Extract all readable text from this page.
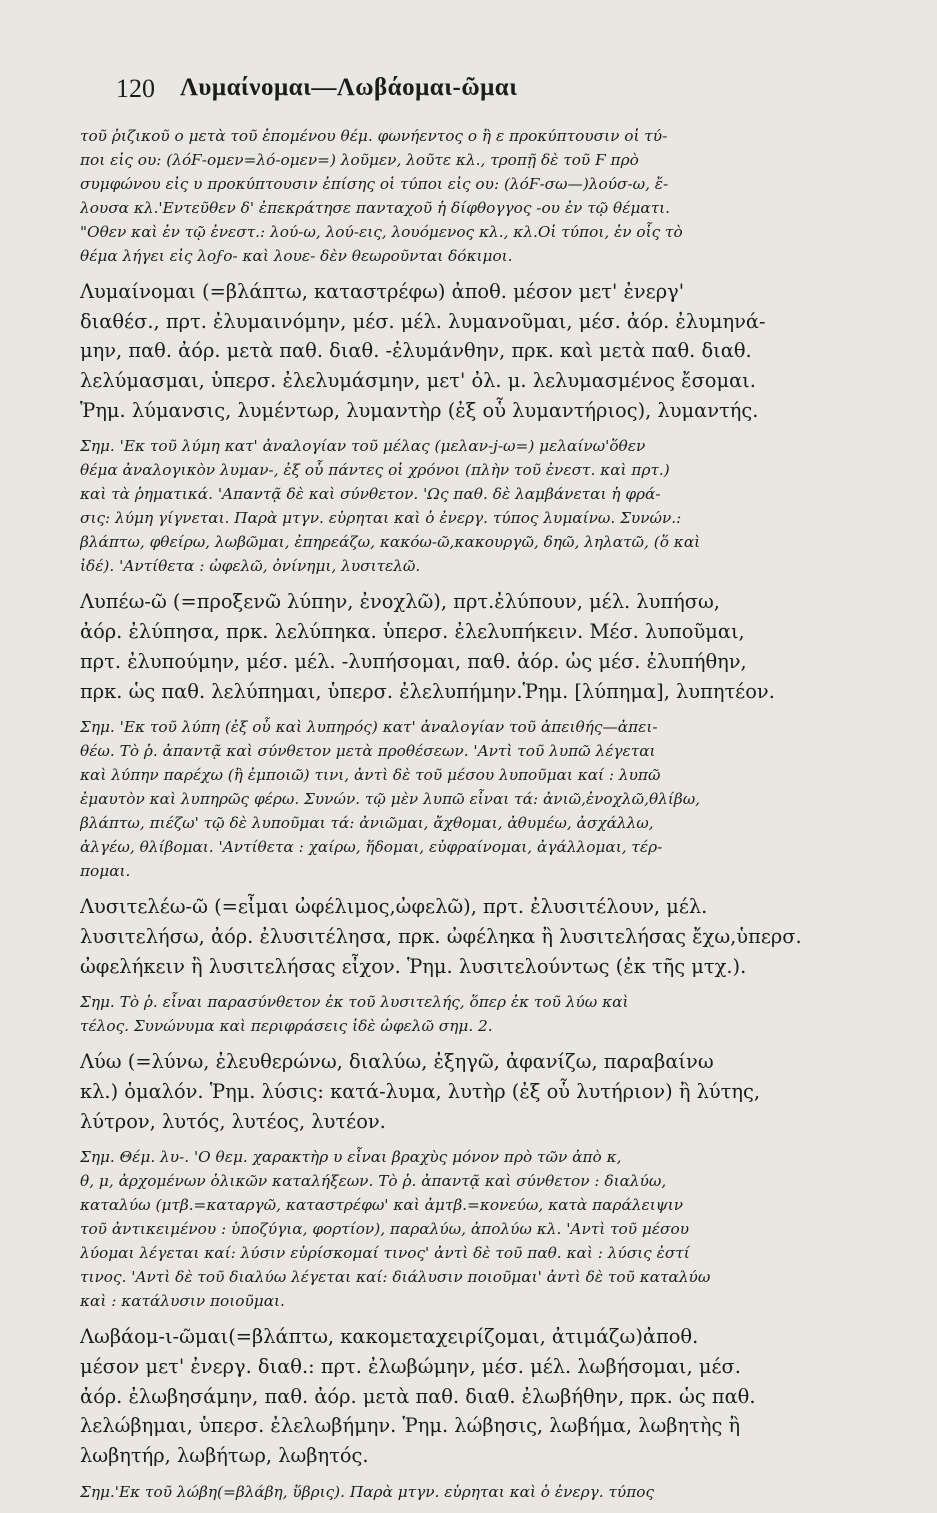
120 Λυμαίνομαι—Λωβάομαι-ῶμαι
τοῦ ῥιζικοῦ ο μετὰ τοῦ ἑπομένου θέμ. φωνήεντος ο ἢ ε προκύπτουσιν οἱ τύ-
ποι εἰς ου: (λόϜ-ομεν=λό-ομεν=) λοῦμεν, λοῦτε κλ., τροπῇ δὲ τοῦ Ϝ πρὸ
συμφώνου εἰς υ προκύπτουσιν ἐπίσης οἱ τύποι εἰς ου: (λόϜ-σω—)λούσ-ω, ἔ-
λουσα κλ.'Εντεῦθεν δ' ἐπεκράτησε πανταχοῦ ἡ δίφθογγος -ου ἐν τῷ θέματι.
"Οθεν καὶ ἐν τῷ ἐνεστ.: λού-ω, λού-εις, λουόμενος κλ., κλ.Οἱ τύποι, ἐν οἷς τὸ
θέμα λήγει εἰς λοϝο- καὶ λουε- δὲν θεωροῦνται δόκιμοι.
Λυμαίνομαι (=βλάπτω, καταστρέφω) ἀποθ. μέσον μετ' ἐνεργ'
διαθέσ., πρτ. ἐλυμαινόμην, μέσ. μέλ. λυμανοῦμαι, μέσ. ἀόρ. ἐλυμηνά-
μην, παθ. ἀόρ. μετὰ παθ. διαθ. -ἐλυμάνθην, πρκ. καὶ μετὰ παθ. διαθ.
λελύμασμαι, ὑπερσ. ἐλελυμάσμην, μετ' ὀλ. μ. λελυμασμένος ἔσομαι.
Ῥημ. λύμανσις, λυμέντωρ, λυμαντὴρ (ἐξ οὗ λυμαντήριος), λυμαντής.
Σημ. 'Εκ τοῦ λύμη κατ' ἀναλογίαν τοῦ μέλας (μελαν-j-ω=) μελαίνω'ὅθεν
θέμα ἀναλογικὸν λυμαν-, ἐξ οὗ πάντες οἱ χρόνοι (πλὴν τοῦ ἐνεστ. καὶ πρτ.)
καὶ τὰ ῥηματικά. 'Απαντᾷ δὲ καὶ σύνθετον. 'Ως παθ. δὲ λαμβάνεται ἡ φρά-
σις: λύμη γίγνεται. Παρὰ μτγν. εὑρηται καὶ ὁ ἐνεργ. τύπος λυμαίνω. Συνών.:
βλάπτω, φθείρω, λωβῶμαι, ἐπηρεάζω, κακόω-ῶ,κακουργῶ, δηῶ, ληλατῶ, (ὅ καὶ
ἰδέ). 'Αντίθετα : ὠφελῶ, ὀνίνημι, λυσιτελῶ.
Λυπέω-ῶ (=προξενῶ λύπην, ἐνοχλῶ), πρτ.ἐλύπουν, μέλ. λυπήσω,
ἀόρ. ἐλύπησα, πρκ. λελύπηκα. ὑπερσ. ἐλελυπήκειν. Μέσ. λυποῦμαι,
πρτ. ἐλυπούμην, μέσ. μέλ. -λυπήσομαι, παθ. ἀόρ. ὡς μέσ. ἐλυπήθην,
πρκ. ὡς παθ. λελύπημαι, ὑπερσ. ἐλελυπήμην.Ῥημ. [λύπημα], λυπητέον.
Σημ. 'Εκ τοῦ λύπη (ἐξ οὗ καὶ λυπηρός) κατ' ἀναλογίαν τοῦ ἀπειθής—ἀπει-
θέω. Τὸ ῥ. ἀπαντᾷ καὶ σύνθετον μετὰ προθέσεων. 'Αντὶ τοῦ λυπῶ λέγεται
καὶ λύπην παρέχω (ἢ ἐμποιῶ) τινι, ἀντὶ δὲ τοῦ μέσου λυποῦμαι καί : λυπῶ
ἐμαυτὸν καὶ λυπηρῶς φέρω. Συνών. τῷ μὲν λυπῶ εἶναι τά: ἀνιῶ,ἐνοχλῶ,θλίβω,
βλάπτω, πιέζω' τῷ δὲ λυποῦμαι τά: ἀνιῶμαι, ἄχθομαι, ἀθυμέω, ἀσχάλλω,
ἀλγέω, θλίβομαι. 'Αντίθετα : χαίρω, ἥδομαι, εὐφραίνομαι, ἀγάλλομαι, τέρ-
πομαι.
Λυσιτελέω-ῶ (=εἶμαι ὠφέλιμος,ὠφελῶ), πρτ. ἐλυσιτέλουν, μέλ.
λυσιτελήσω, ἀόρ. ἐλυσιτέλησα, πρκ. ὠφέληκα ἢ λυσιτελήσας ἔχω,ὑπερσ.
ὠφελήκειν ἢ λυσιτελήσας εἶχον. Ῥημ. λυσιτελούντως (ἐκ τῆς μτχ.).
Σημ. Τὸ ῥ. εἶναι παρασύνθετον ἐκ τοῦ λυσιτελής, ὅπερ ἐκ τοῦ λύω καὶ
τέλος. Συνώνυμα καὶ περιφράσεις ἰδὲ ὠφελῶ σημ. 2.
Λύω (=λύνω, ἐλευθερώνω, διαλύω, ἐξηγῶ, ἀφανίζω, παραβαίνω
κλ.) ὁμαλόν. Ῥημ. λύσις: κατά-λυμα, λυτὴρ (ἐξ οὗ λυτήριον) ἢ λύτης,
λύτρον, λυτός, λυτέος, λυτέον.
Σημ. Θέμ. λυ-. 'Ο θεμ. χαρακτὴρ υ εἶναι βραχὺς μόνον πρὸ τῶν ἀπὸ κ,
θ, μ, ἀρχομένων ὁλικῶν καταλήξεων. Τὸ ῥ. ἀπαντᾷ καὶ σύνθετον : διαλύω,
καταλύω (μτβ.=καταργῶ, καταστρέφω' καὶ ἀμτβ.=κονεύω, κατὰ παράλειψιν
τοῦ ἀντικειμένου : ὑποζύγια, φορτίον), παραλύω, ἀπολύω κλ. 'Αντὶ τοῦ μέσου
λύομαι λέγεται καί: λύσιν εὑρίσκομαί τινος' ἀντὶ δὲ τοῦ παθ. καὶ : λύσις ἐστί
τινος. 'Αντὶ δὲ τοῦ διαλύω λέγεται καί: διάλυσιν ποιοῦμαι' ἀντὶ δὲ τοῦ καταλύω
καὶ : κατάλυσιν ποιοῦμαι.
Λωβάομ-ι-ῶμαι(=βλάπτω, κακομεταχειρίζομαι, ἀτιμάζω)ἀποθ.
μέσον μετ' ἐνεργ. διαθ.: πρτ. ἐλωβώμην, μέσ. μέλ. λωβήσομαι, μέσ.
ἀόρ. ἐλωβησάμην, παθ. ἀόρ. μετὰ παθ. διαθ. ἐλωβήθην, πρκ. ὡς παθ.
λελώβημαι, ὑπερσ. ἐλελωβήμην. Ῥημ. λώβησις, λωβήμα, λωβητὴς ἢ
λωβητήρ, λωβήτωρ, λωβητός.
Σημ.'Εκ τοῦ λώβη(=βλάβη, ὕβρις). Παρὰ μτγν. εὑρηται καὶ ὁ ἐνεργ. τύπος
